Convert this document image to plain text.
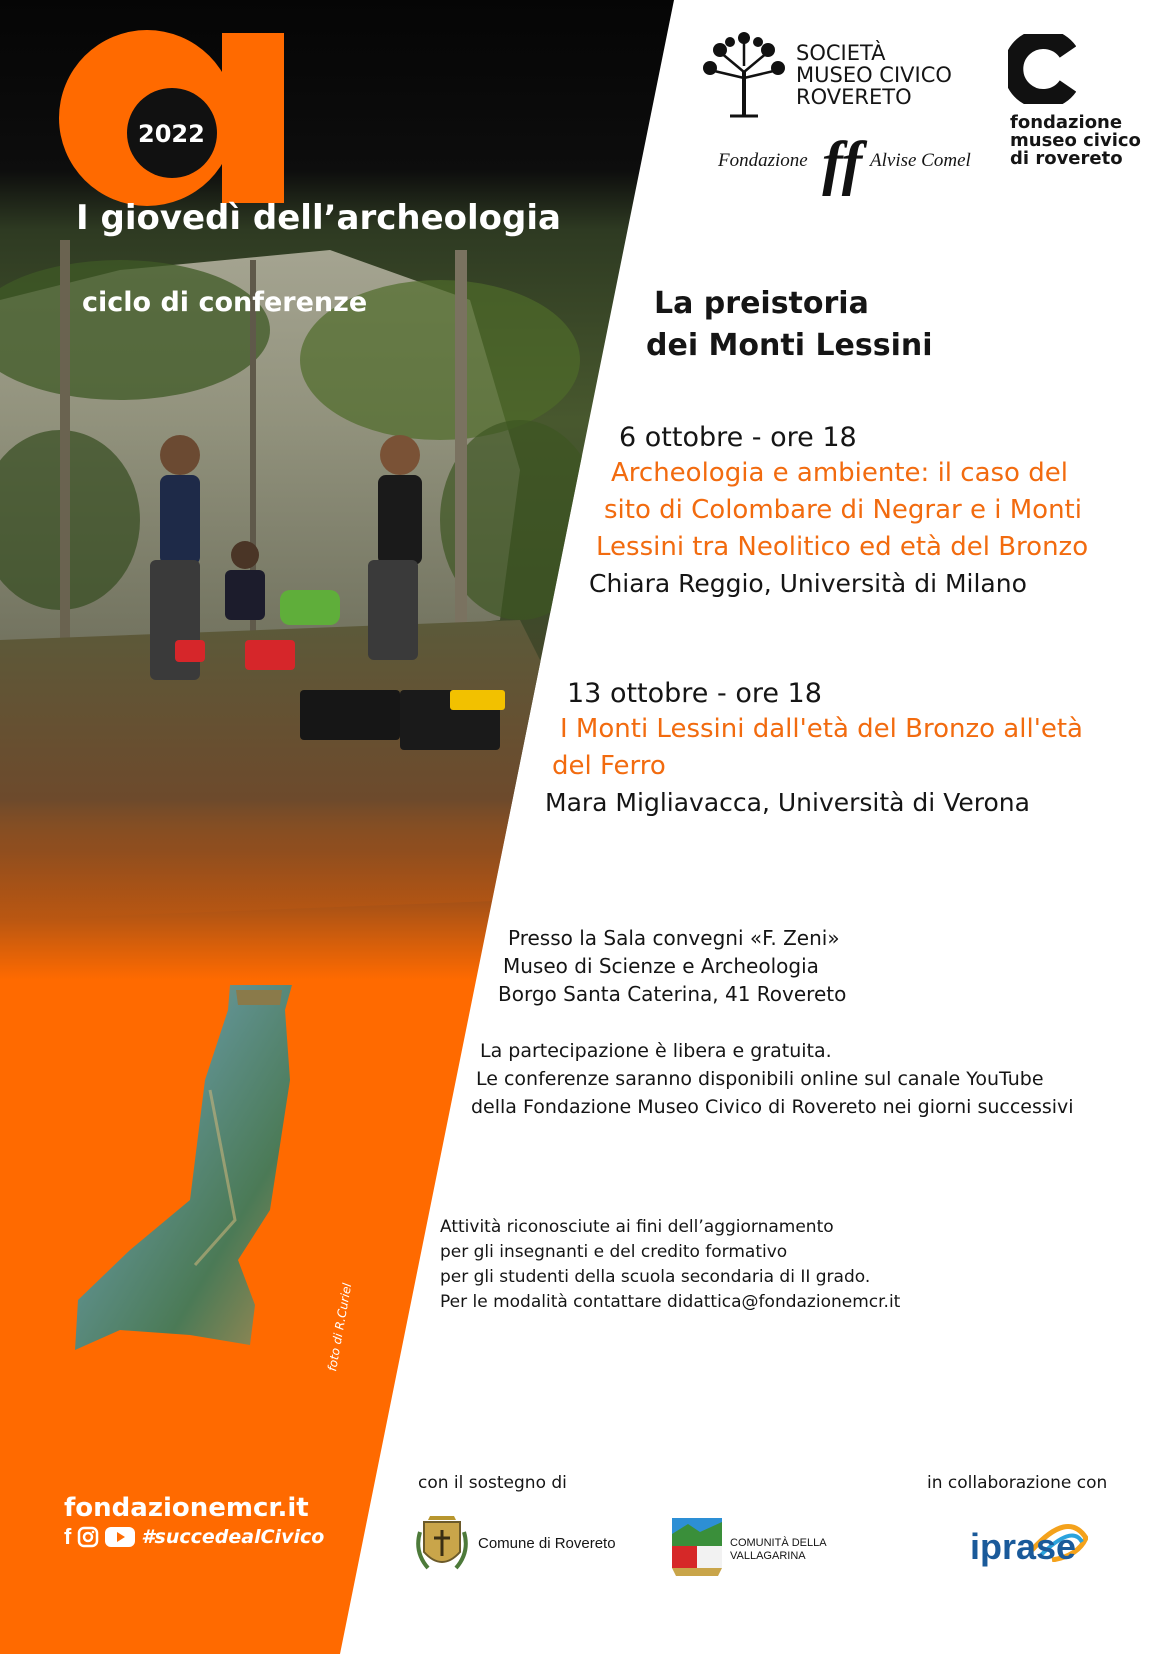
2022
I giovedì dell’archeologia
ciclo di conferenze
foto di R.Curiel
fondazionemcr.it
f	#succedealCivico
SOCIETÀ
MUSEO CIVICO
ROVERETO
Fondazione ff Alvise Comel
fondazione
museo civico
di rovereto
La preistoria
dei Monti Lessini
6 ottobre - ore 18
Archeologia e ambiente: il caso del
sito di Colombare di Negrar e i Monti
Lessini tra Neolitico ed età del Bronzo
Chiara Reggio, Università di Milano
13 ottobre - ore 18
I Monti Lessini dall'età del Bronzo all'età
del Ferro
Mara Migliavacca, Università di Verona
Presso la Sala convegni «F. Zeni»
Museo di Scienze e Archeologia
Borgo Santa Caterina, 41 Rovereto
La partecipazione è libera e gratuita.
Le conferenze saranno disponibili online sul canale YouTube
della Fondazione Museo Civico di Rovereto nei giorni successivi
Attività riconosciute ai fini dell’aggiornamento
per gli insegnanti e del credito formativo
per gli studenti della scuola secondaria di II grado.
Per le modalità contattare didattica@fondazionemcr.it
con il sostegno di	in collaborazione con
Comune di Rovereto	COMUNITÀ DELLA
VALLAGARINA	iprase
